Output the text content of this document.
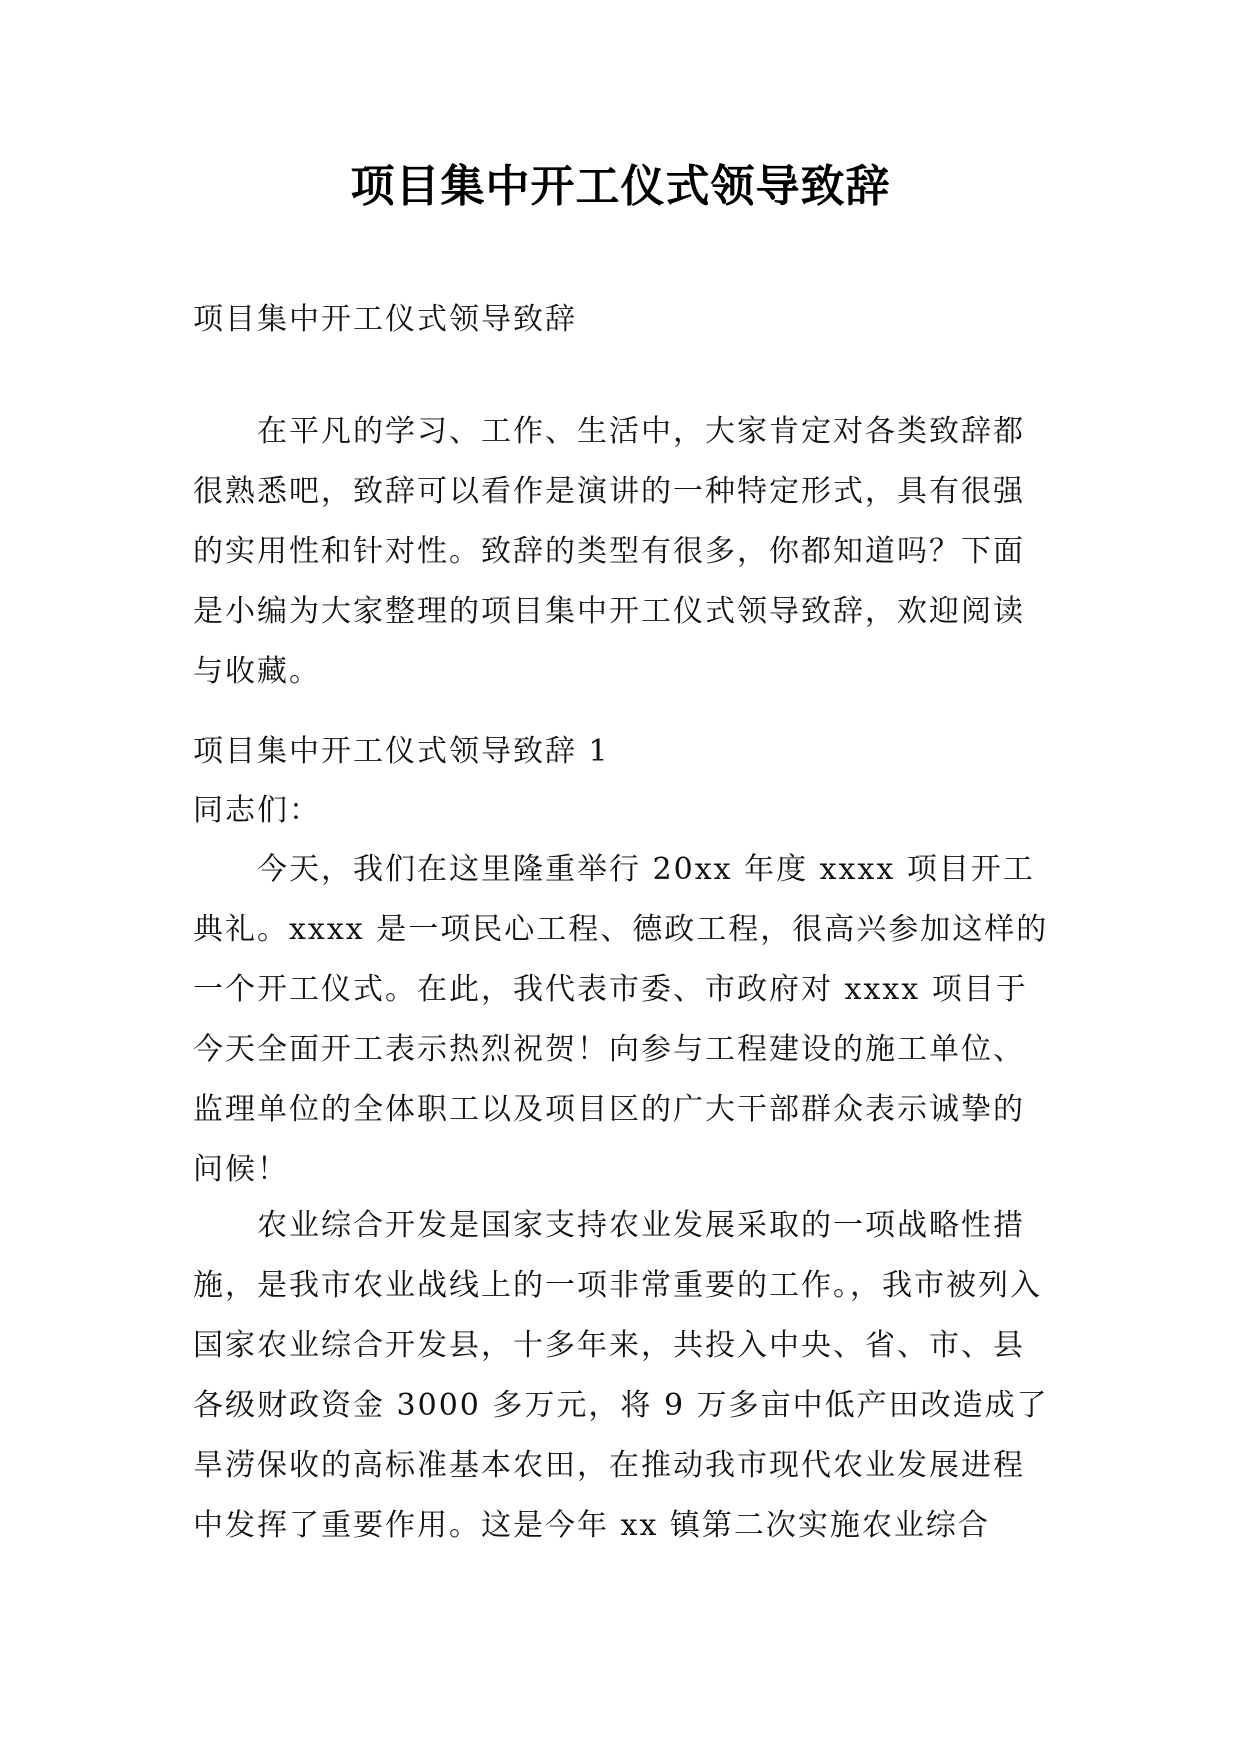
项目集中开工仪式领导致辞

项目集中开工仪式领导致辞

在平凡的学习、工作、生活中，大家肯定对各类致辞都很熟悉吧，致辞可以看作是演讲的一种特定形式，具有很强的实用性和针对性。致辞的类型有很多，你都知道吗？下面是小编为大家整理的项目集中开工仪式领导致辞，欢迎阅读与收藏。

项目集中开工仪式领导致辞 1

同志们：

今天，我们在这里隆重举行 20xx 年度 xxxx 项目开工典礼。xxxx 是一项民心工程、德政工程，很高兴参加这样的一个开工仪式。在此，我代表市委、市政府对 xxxx 项目于今天全面开工表示热烈祝贺！向参与工程建设的施工单位、监理单位的全体职工以及项目区的广大干部群众表示诚挚的问候！

农业综合开发是国家支持农业发展采取的一项战略性措施，是我市农业战线上的一项非常重要的工作。，我市被列入国家农业综合开发县，十多年来，共投入中央、省、市、县各级财政资金 3000 多万元，将 9 万多亩中低产田改造成了旱涝保收的高标准基本农田，在推动我市现代农业发展进程中发挥了重要作用。这是今年 xx 镇第二次实施农业综合
